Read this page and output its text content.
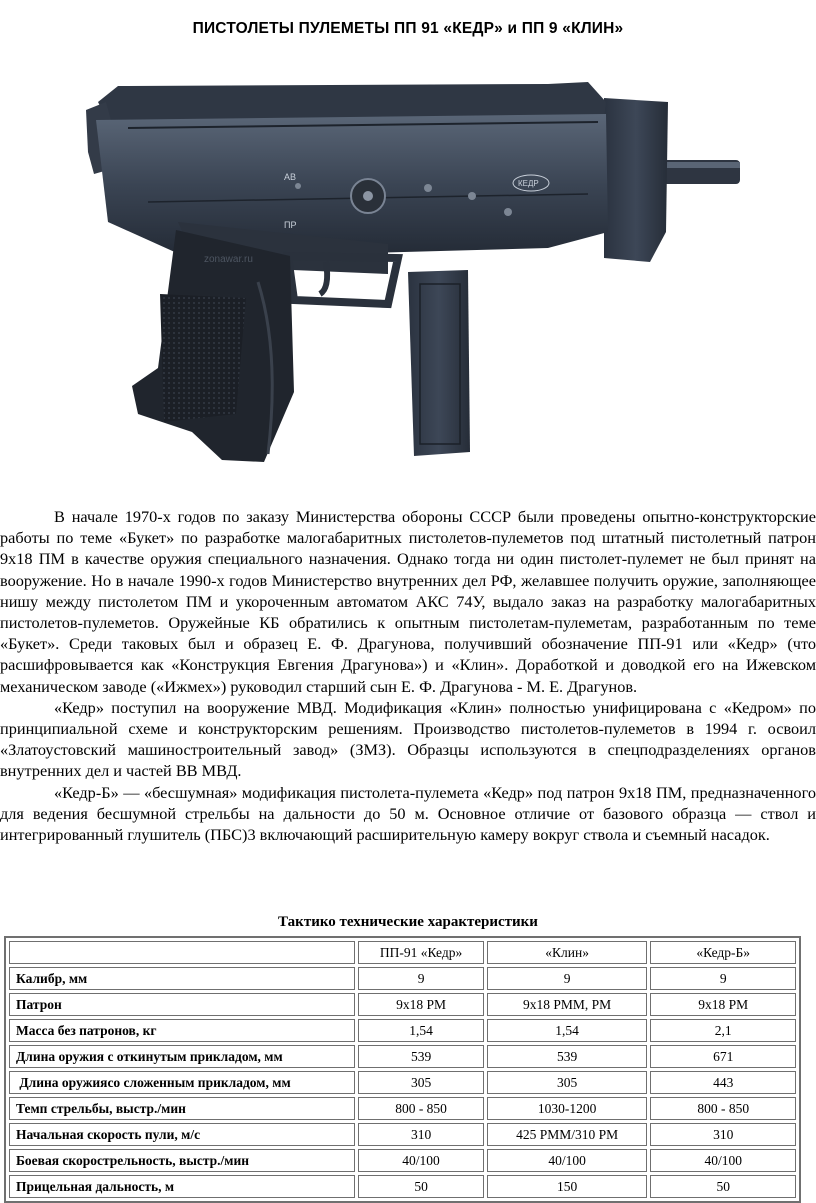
ПИСТОЛЕТЫ ПУЛЕМЕТЫ ПП 91 «КЕДР» и ПП 9 «КЛИН»
АВ
ПР
КЕДР
zonawar.ru

В начале 1970-х годов по заказу Министерства обороны СССР были проведены опытно-конструкторские работы по теме «Букет» по разработке малогабаритных пистолетов-пулеметов под штатный пистолетный патрон 9х18 ПМ в качестве оружия специального назначения. Однако тогда ни один пистолет-пулемет не был принят на вооружение. Но в начале 1990-х годов Министерство внутренних дел РФ, желавшее получить оружие, заполняющее нишу между пистолетом ПМ и укороченным автоматом АКС 74У, выдало заказ на разработку малогабаритных пистолетов-пулеметов. Оружейные КБ обратились к опытным пистолетам-пулеметам, разработанным по теме «Букет». Среди таковых был и образец Е. Ф. Драгунова, получивший обозначение ПП-91 или «Кедр» (что расшифровывается как «Конструкция Евгения Драгунова») и «Клин». Доработкой и доводкой его на Ижевском механическом заводе («Ижмех») руководил старший сын Е. Ф. Драгунова - М. Е. Драгунов.

«Кедр» поступил на вооружение МВД. Модификация «Клин» полностью унифицирована с «Кедром» по принципиальной схеме и конструкторским решениям. Производство пистолетов-пулеметов в 1994 г. освоил «Златоустовский машиностроительный завод» (ЗМЗ). Образцы используются в спецподразделениях органов внутренних дел и частей ВВ МВД.

«Кедр-Б» — «бесшумная» модификация пистолета-пулемета «Кедр» под патрон 9х18 ПМ, предназначенного для ведения бесшумной стрельбы на дальности до 50 м. Основное отличие от базового образца — ствол и интегрированный глушитель (ПБС)3 включающий расширительную камеру вокруг ствола и съемный насадок.

Тактико технические характеристики
	ПП-91 «Кедр»	«Клин»	«Кедр-Б»
Калибр, мм	9	9	9
Патрон	9х18 РМ	9х18 РММ, РМ	9х18 РМ
Масса без патронов, кг	1,54	1,54	2,1
Длина оружия с откинутым прикладом, мм	539	539	671
Длина оружиясо сложенным прикладом, мм	305	305	443
Темп стрельбы, выстр./мин	800 - 850	1030-1200	800 - 850
Начальная скорость пули, м/с	310	425 РММ/310 РМ	310
Боевая скорострельность, выстр./мин	40/100	40/100	40/100
Прицельная дальность, м	50	150	50
